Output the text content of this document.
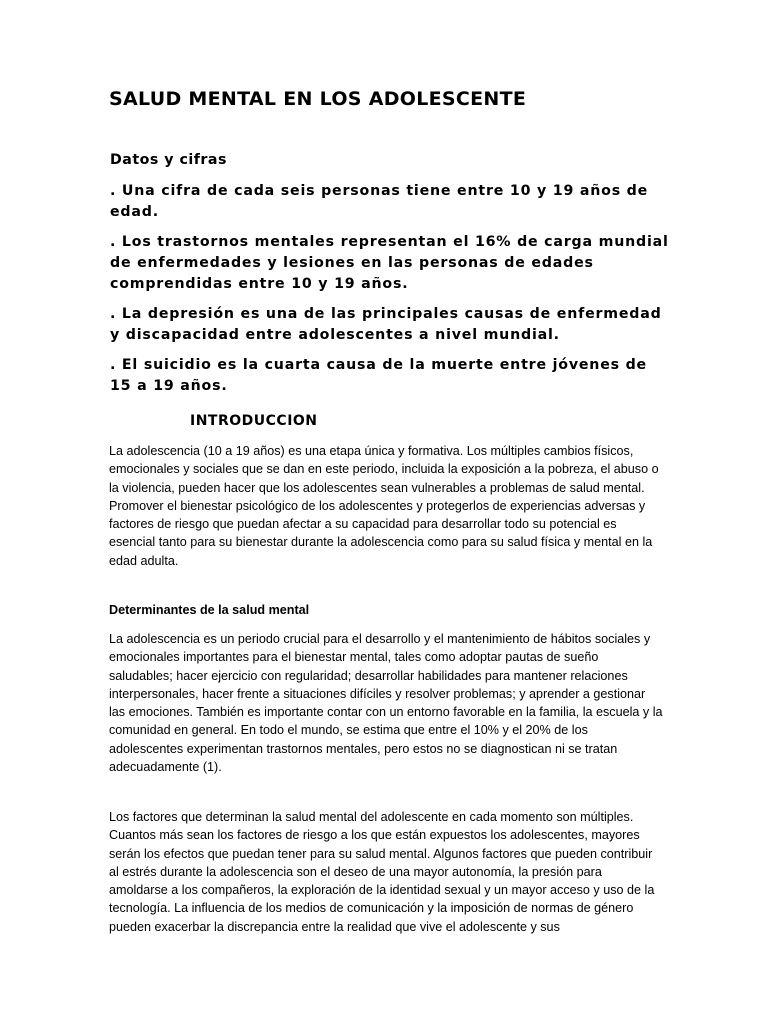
SALUD MENTAL EN LOS ADOLESCENTE

Datos y cifras

. Una cifra de cada seis personas tiene entre 10 y 19 años de edad.

. Los trastornos mentales representan el 16% de carga mundial de enfermedades y lesiones en las personas de edades comprendidas entre 10 y 19 años.

. La depresión es una de las principales causas de enfermedad y discapacidad entre adolescentes a nivel mundial.

. El suicidio es la cuarta causa de la muerte entre jóvenes de 15 a 19 años.

INTRODUCCION

La adolescencia (10 a 19 años) es una etapa única y formativa. Los múltiples cambios físicos, emocionales y sociales que se dan en este periodo, incluida la exposición a la pobreza, el abuso o la violencia, pueden hacer que los adolescentes sean vulnerables a problemas de salud mental. Promover el bienestar psicológico de los adolescentes y protegerlos de experiencias adversas y factores de riesgo que puedan afectar a su capacidad para desarrollar todo su potencial es esencial tanto para su bienestar durante la adolescencia como para su salud física y mental en la edad adulta.

Determinantes de la salud mental

La adolescencia es un periodo crucial para el desarrollo y el mantenimiento de hábitos sociales y emocionales importantes para el bienestar mental, tales como adoptar pautas de sueño saludables; hacer ejercicio con regularidad; desarrollar habilidades para mantener relaciones interpersonales, hacer frente a situaciones difíciles y resolver problemas; y aprender a gestionar las emociones. También es importante contar con un entorno favorable en la familia, la escuela y la comunidad en general. En todo el mundo, se estima que entre el 10% y el 20% de los adolescentes experimentan trastornos mentales, pero estos no se diagnostican ni se tratan adecuadamente (1).

Los factores que determinan la salud mental del adolescente en cada momento son múltiples. Cuantos más sean los factores de riesgo a los que están expuestos los adolescentes, mayores serán los efectos que puedan tener para su salud mental. Algunos factores que pueden contribuir al estrés durante la adolescencia son el deseo de una mayor autonomía, la presión para amoldarse a los compañeros, la exploración de la identidad sexual y un mayor acceso y uso de la tecnología. La influencia de los medios de comunicación y la imposición de normas de género pueden exacerbar la discrepancia entre la realidad que vive el adolescente y sus
